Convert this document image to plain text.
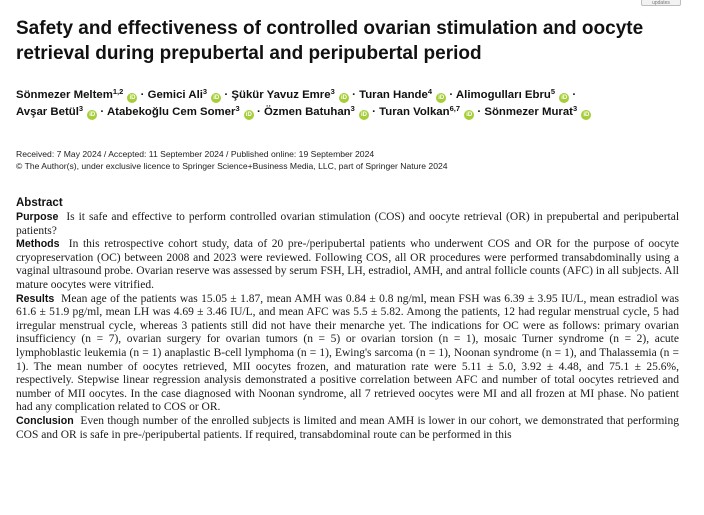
updates
Safety and effectiveness of controlled ovarian stimulation and oocyte retrieval during prepubertal and peripubertal period
Sönmezer Meltem$^{1,2}$ iD · Gemici Ali$^3$ iD · Şükür Yavuz Emre$^3$ iD · Turan Hande$^4$ iD · Alimogulları Ebru$^5$ iD ·
Avşar Betül$^3$ iD · Atabekoğlu Cem Somer$^3$ iD · Özmen Batuhan$^3$ iD · Turan Volkan$^{6,7}$ iD · Sönmezer Murat$^3$ iD
Received: 7 May 2024 / Accepted: 11 September 2024 / Published online: 19 September 2024
© The Author(s), under exclusive licence to Springer Science+Business Media, LLC, part of Springer Nature 2024
Abstract

Purpose Is it safe and effective to perform controlled ovarian stimulation (COS) and oocyte retrieval (OR) in prepubertal and peripubertal patients?

Methods In this retrospective cohort study, data of 20 pre-/peripubertal patients who underwent COS and OR for the purpose of oocyte cryopreservation (OC) between 2008 and 2023 were reviewed. Following COS, all OR procedures were performed transabdominally using a vaginal ultrasound probe. Ovarian reserve was assessed by serum FSH, LH, estradiol, AMH, and antral follicle counts (AFC) in all subjects. All mature oocytes were vitrified.

Results Mean age of the patients was 15.05 ± 1.87, mean AMH was 0.84 ± 0.8 ng/ml, mean FSH was 6.39 ± 3.95 IU/L, mean estradiol was 61.6 ± 51.9 pg/ml, mean LH was 4.69 ± 3.46 IU/L, and mean AFC was 5.5 ± 5.82. Among the patients, 12 had regular menstrual cycle, 5 had irregular menstrual cycle, whereas 3 patients still did not have their menarche yet. The indications for OC were as follows: primary ovarian insufficiency (n = 7), ovarian surgery for ovarian tumors (n = 5) or ovarian torsion (n = 1), mosaic Turner syndrome (n = 2), acute lymphoblastic leukemia (n = 1) anaplastic B-cell lymphoma (n = 1), Ewing's sarcoma (n = 1), Noonan syndrome (n = 1), and Thalassemia (n = 1). The mean number of oocytes retrieved, MII oocytes frozen, and maturation rate were 5.11 ± 5.0, 3.92 ± 4.48, and 75.1 ± 25.6%, respectively. Stepwise linear regression analysis demonstrated a positive correlation between AFC and number of total oocytes retrieved and number of MII oocytes. In the case diagnosed with Noonan syndrome, all 7 retrieved oocytes were MI and all frozen at MI phase. No patient had any complication related to COS or OR.

Conclusion Even though number of the enrolled subjects is limited and mean AMH is lower in our cohort, we demonstrated that performing COS and OR is safe in pre-/peripubertal patients. If required, transabdominal route can be performed in this
